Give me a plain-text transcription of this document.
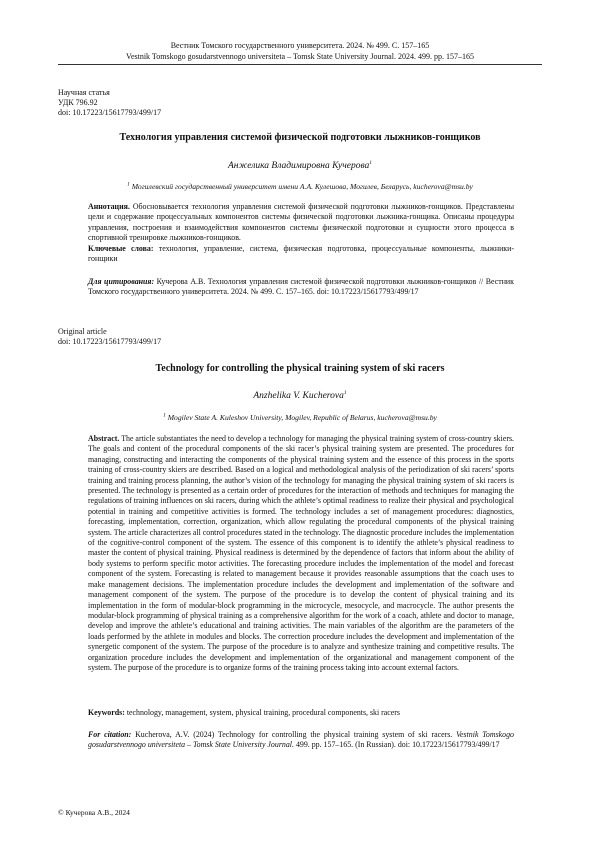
Вестник Томского государственного университета. 2024. № 499. С. 157–165
Vestnik Tomskogo gosudarstvennogo universiteta – Tomsk State University Journal. 2024. 499. pp. 157–165
Научная статья
УДК 796.92
doi: 10.17223/15617793/499/17
Технология управления системой физической подготовки лыжников-гонщиков
Анжелика Владимировна Кучерова$^1$
$^1$ Могилевский государственный университет имени А.А. Кулешова, Могилев, Беларусь, kucherova@msu.by
Аннотация. Обосновывается технология управления системой физической подготовки лыжников-гонщиков. Представлены цели и содержание процессуальных компонентов системы физической подготовки лыжника-гонщика. Описаны процедуры управления, построения и взаимодействия компонентов системы физической подготовки и сущности этого процесса в спортивной тренировке лыжников-гонщиков.
Ключевые слова: технология, управление, система, физическая подготовка, процессуальные компоненты, лыжники-гонщики
Для цитирования: Кучерова А.В. Технология управления системой физической подготовки лыжников-гонщиков // Вестник Томского государственного университета. 2024. № 499. С. 157–165. doi: 10.17223/15617793/499/17
Original article
doi: 10.17223/15617793/499/17
Technology for controlling the physical training system of ski racers
Anzhelika V. Kucherova$^1$
$^1$ Mogilev State A. Kuleshov University, Mogilev, Republic of Belarus, kucherova@msu.by
Abstract. The article substantiates the need to develop a technology for managing the physical training system of cross-country skiers. The goals and content of the procedural components of the ski racer’s physical training system are presented. The procedures for managing, constructing and interacting the components of the physical training system and the essence of this process in the sports training of cross-country skiers are described. Based on a logical and methodological analysis of the periodization of ski racers’ sports training and training process planning, the author’s vision of the technology for managing the physical training system of ski racers is presented. The technology is presented as a certain order of procedures for the interaction of methods and techniques for managing the regulations of training influences on ski racers, during which the athlete’s optimal readiness to realize their physical and psychological potential in training and competitive activities is formed. The technology includes a set of management procedures: diagnostics, forecasting, implementation, correction, organization, which allow regulating the procedural components of the physical training system. The article characterizes all control procedures stated in the technology. The diagnostic procedure includes the implementation of the cognitive-control component of the system. The essence of this component is to identify the athlete’s physical readiness to master the content of physical training. Physical readiness is determined by the dependence of factors that inform about the ability of body systems to perform specific motor activities. The forecasting procedure includes the implementation of the model and forecast component of the system. Forecasting is related to management because it provides reasonable assumptions that the coach uses to make management decisions. The implementation procedure includes the development and implementation of the software and management component of the system. The purpose of the procedure is to develop the content of physical training and its implementation in the form of modular-block programming in the microcycle, mesocycle, and macrocycle. The author presents the modular-block programming of physical training as a comprehensive algorithm for the work of a coach, athlete and doctor to manage, develop and improve the athlete’s educational and training activities. The main variables of the algorithm are the parameters of the loads performed by the athlete in modules and blocks. The correction procedure includes the development and implementation of the synergetic component of the system. The purpose of the procedure is to analyze and synthesize training and competitive results. The organization procedure includes the development and implementation of the organizational and management component of the system. The purpose of the procedure is to organize forms of the training process taking into account external factors.
Keywords: technology, management, system, physical training, procedural components, ski racers
For citation: Kucherova, A.V. (2024) Technology for controlling the physical training system of ski racers. Vestnik Tomskogo gosudarstvennogo universiteta – Tomsk State University Journal. 499. pp. 157–165. (In Russian). doi: 10.17223/15617793/499/17
© Кучерова А.В., 2024
